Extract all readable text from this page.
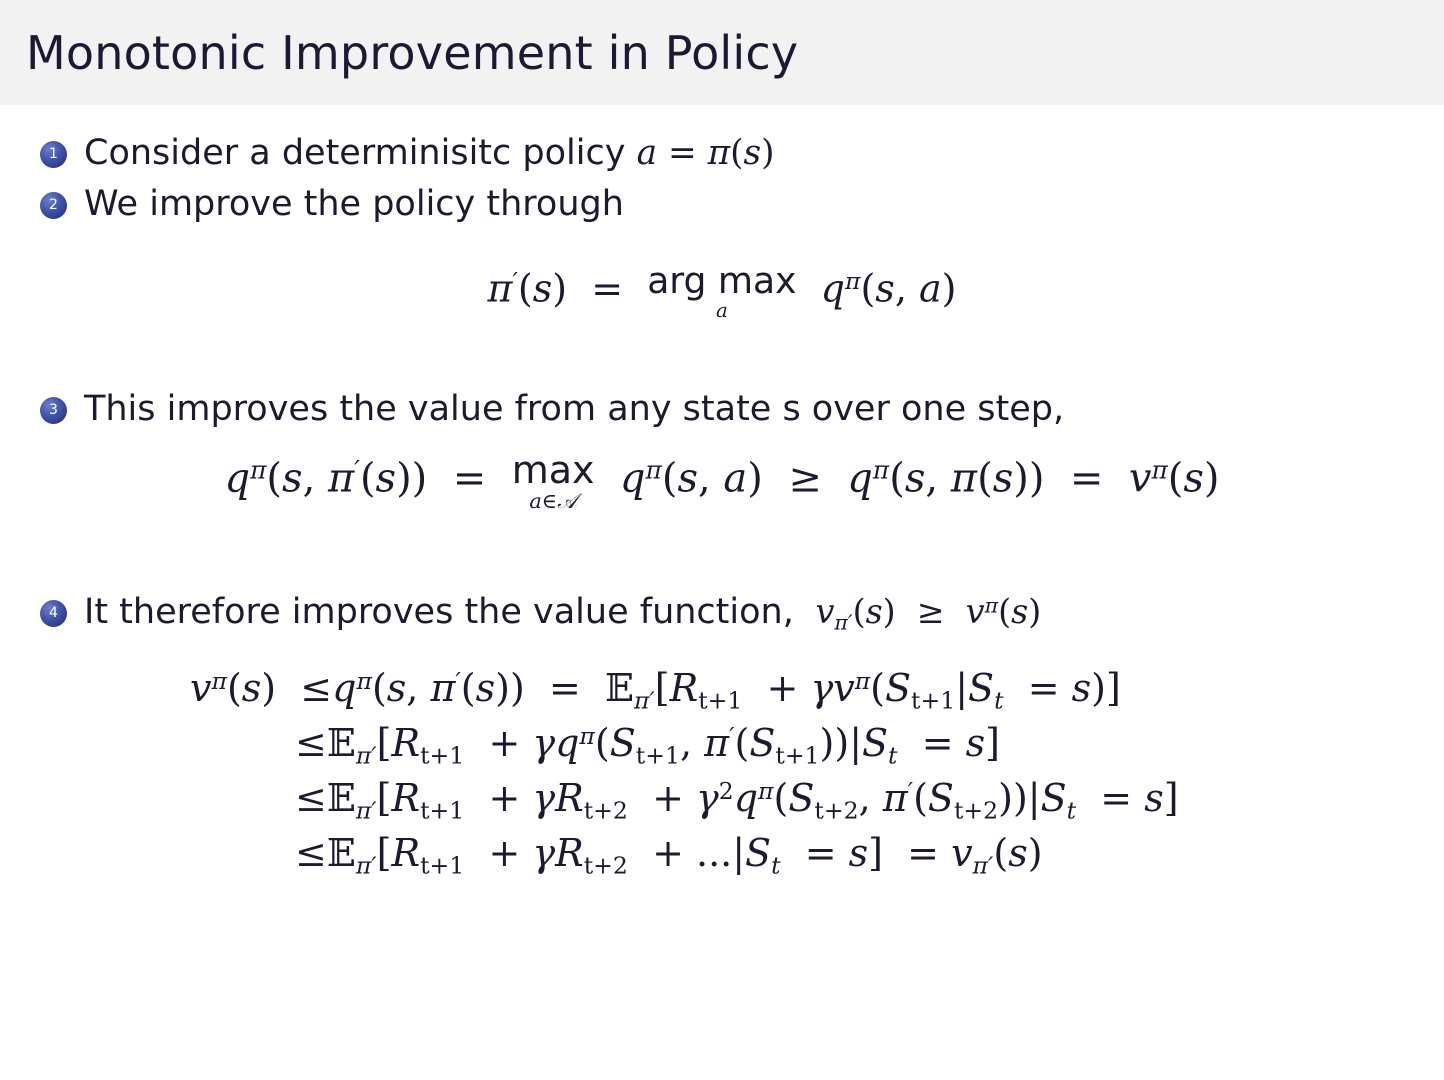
Monotonic Improvement in Policy
1 Consider a determinisitc policy a = π(s)
2 We improve the policy through
π′(s)  = arg max
a
$q^\pi(s$, a)
3 This improves the value from any state s over one step,
$q^\pi(s$, π′(s))  = max
a∈𝒜	$q^\pi(s$, $a) \ge q^\pi(s$, $\pi(s)) = v^\pi(s)$
4 It therefore improves the value function, $v_{\pi'}(s) \ge v^\pi(s)$
$v^\pi(s) \le q^\pi(s$, π′(s))  =  𝔼$_{\pi'}$[Rt+1  + $\gamma v^\pi(St+1|S_t = s)$]
≤𝔼$_{\pi'}$[Rt+1  + $\gamma q^\pi(St+1$, $\pi'(St+1))|S_t = s$]
≤𝔼$_{\pi'}$[Rt+1  + $\gamma Rt+2 + \gamma^2q^\pi(St+2$, $\pi'(St+2))|S_t = s$]
≤𝔼$_{\pi'}$[Rt+1  + $\gamma Rt+2 + ...|S_t = s] = v_{\pi'}(s)$
